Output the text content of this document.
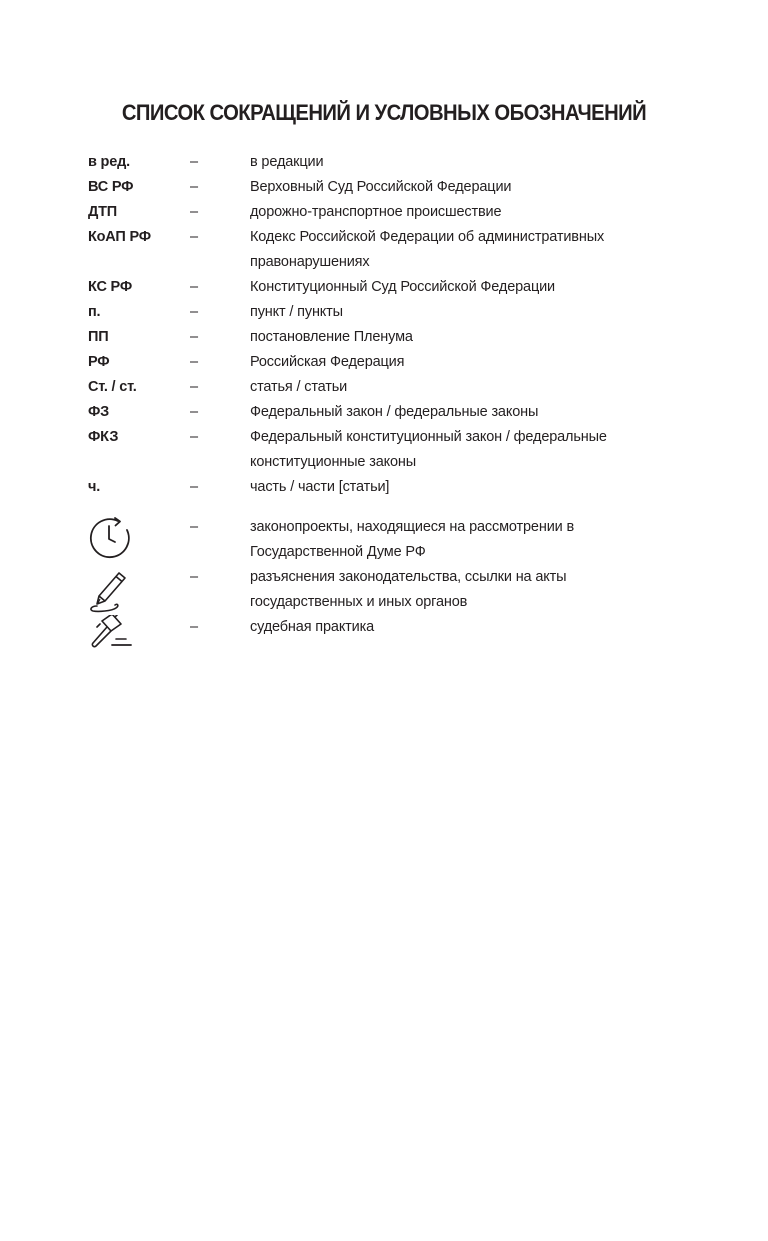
СПИСОК СОКРАЩЕНИЙ И УСЛОВНЫХ ОБОЗНАЧЕНИЙ
в ред.	–	в редакции
ВС РФ	–	Верховный Суд Российской Федерации
ДТП	–	дорожно-транспортное происшествие
КоАП РФ	–	Кодекс Российской Федерации об административных правонарушениях
КС РФ	–	Конституционный Суд Российской Федерации
п.	–	пункт / пункты
ПП	–	постановление Пленума
РФ	–	Российская Федерация
Ст. / ст.	–	статья / статьи
ФЗ	–	Федеральный закон / федеральные законы
ФКЗ	–	Федеральный конституционный закон / федеральные конституционные законы
ч.	–	часть / части [статьи]
–	законопроекты, находящиеся на рассмотрении в Государственной Думе РФ
–	разъяснения законодательства, ссылки на акты государственных и иных органов
–	судебная практика
